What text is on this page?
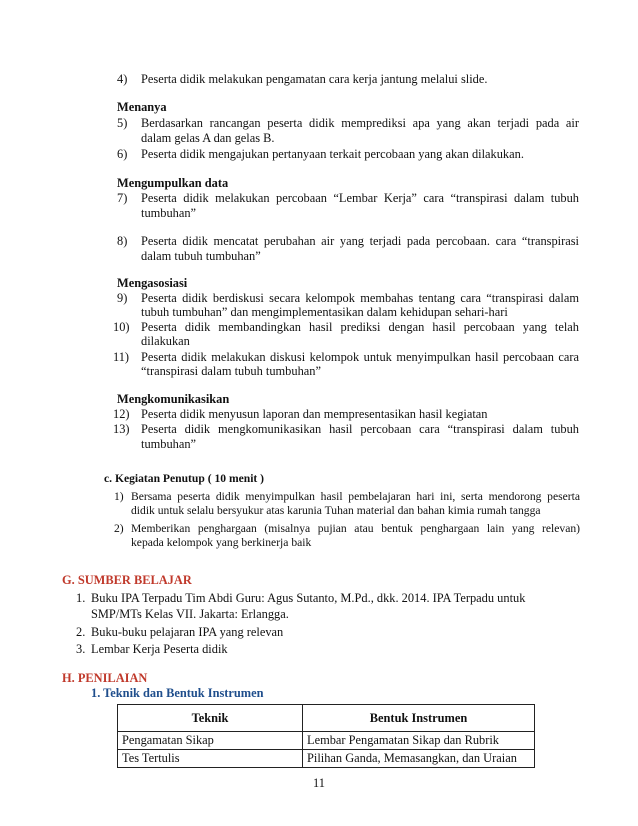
4) Peserta didik melakukan pengamatan cara kerja jantung melalui slide.
Menanya
5) Berdasarkan rancangan peserta didik memprediksi apa yang akan terjadi pada air
dalam gelas A dan gelas B.
6) Peserta didik mengajukan pertanyaan terkait percobaan yang akan dilakukan.
Mengumpulkan data
7) Peserta didik melakukan percobaan “Lembar Kerja” cara “transpirasi dalam tubuh
tumbuhan”
8) Peserta didik mencatat perubahan air yang terjadi pada percobaan. cara “transpirasi
dalam tubuh tumbuhan”
Mengasosiasi
9) Peserta didik berdiskusi secara kelompok membahas tentang cara “transpirasi dalam
tubuh tumbuhan” dan mengimplementasikan dalam kehidupan sehari-hari
10) Peserta didik membandingkan hasil prediksi dengan hasil percobaan yang telah
dilakukan
11) Peserta didik melakukan diskusi kelompok untuk menyimpulkan hasil percobaan cara
“transpirasi dalam tubuh tumbuhan”
Mengkomunikasikan
12) Peserta didik menyusun laporan dan mempresentasikan hasil kegiatan
13) Peserta didik mengkomunikasikan hasil percobaan cara “transpirasi dalam tubuh
tumbuhan”
c. Kegiatan Penutup ( 10 menit )
1) Bersama peserta didik menyimpulkan hasil pembelajaran hari ini, serta mendorong peserta
didik untuk selalu bersyukur atas karunia Tuhan material dan bahan kimia rumah tangga
2) Memberikan penghargaan (misalnya pujian atau bentuk penghargaan lain yang relevan)
kepada kelompok yang berkinerja baik
G. SUMBER BELAJAR
1. Buku IPA Terpadu Tim Abdi Guru: Agus Sutanto, M.Pd., dkk. 2014. IPA Terpadu untuk
SMP/MTs Kelas VII. Jakarta: Erlangga.
2. Buku-buku pelajaran IPA yang relevan
3. Lembar Kerja Peserta didik
H. PENILAIAN
1. Teknik dan Bentuk Instrumen
Teknik	Bentuk Instrumen
Pengamatan Sikap	Lembar Pengamatan Sikap dan Rubrik
Tes Tertulis	Pilihan Ganda, Memasangkan, dan Uraian
11
